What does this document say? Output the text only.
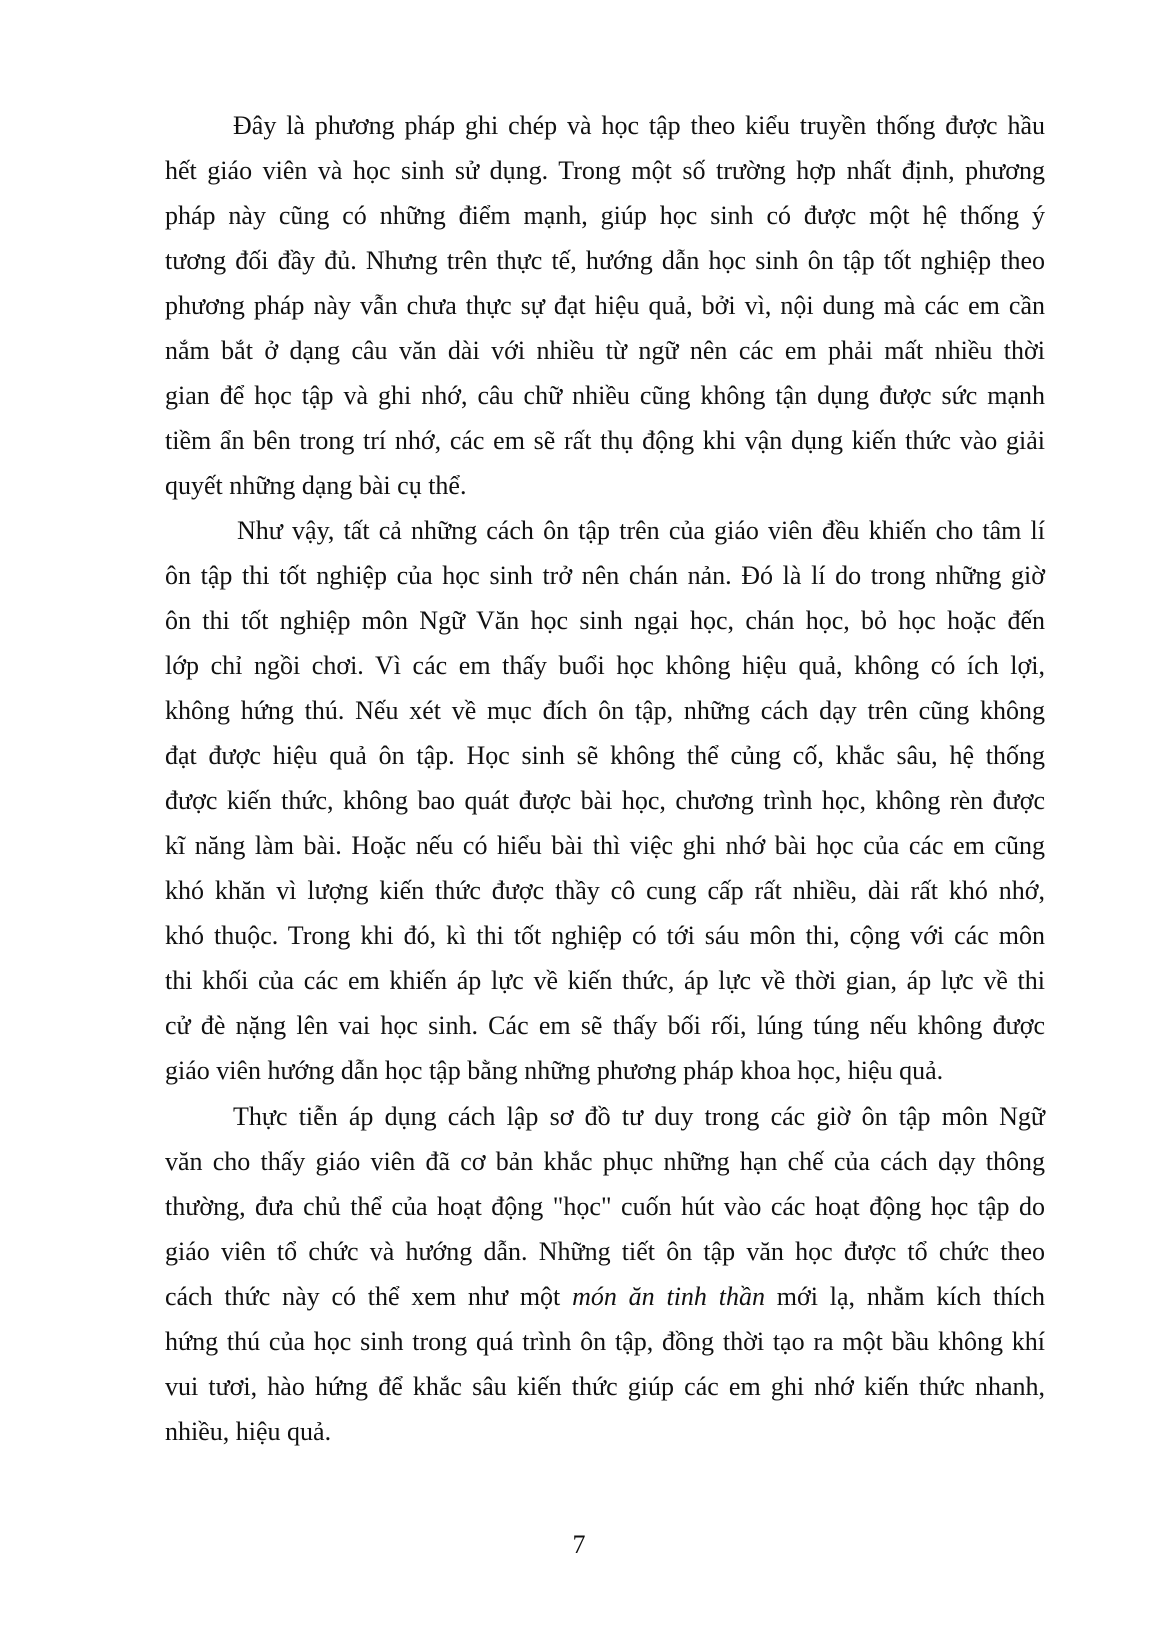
Đây là phương pháp ghi chép và học tập theo kiểu truyền thống được hầu
hết giáo viên và học sinh sử dụng. Trong một số trường hợp nhất định, phương
pháp này cũng có những điểm mạnh, giúp học sinh có được một hệ thống ý
tương đối đầy đủ. Nhưng trên thực tế, hướng dẫn học sinh ôn tập tốt nghiệp theo
phương pháp này vẫn chưa thực sự đạt hiệu quả, bởi vì, nội dung mà các em cần
nắm bắt ở dạng câu văn dài với nhiều từ ngữ nên các em phải mất nhiều thời
gian để học tập và ghi nhớ, câu chữ nhiều cũng không tận dụng được sức mạnh
tiềm ẩn bên trong trí nhớ, các em sẽ rất thụ động khi vận dụng kiến thức vào giải
quyết những dạng bài cụ thể.
Như vậy, tất cả những cách ôn tập trên của giáo viên đều khiến cho tâm lí
ôn tập thi tốt nghiệp của học sinh trở nên chán nản. Đó là lí do trong những giờ
ôn thi tốt nghiệp môn Ngữ Văn học sinh ngại học, chán học, bỏ học hoặc đến
lớp chỉ ngồi chơi. Vì các em thấy buổi học không hiệu quả, không có ích lợi,
không hứng thú. Nếu xét về mục đích ôn tập, những cách dạy trên cũng không
đạt được hiệu quả ôn tập. Học sinh sẽ không thể củng cố, khắc sâu, hệ thống
được kiến thức, không bao quát được bài học, chương trình học, không rèn được
kĩ năng làm bài. Hoặc nếu có hiểu bài thì việc ghi nhớ bài học của các em cũng
khó khăn vì lượng kiến thức được thầy cô cung cấp rất nhiều, dài rất khó nhớ,
khó thuộc. Trong khi đó, kì thi tốt nghiệp có tới sáu môn thi, cộng với các môn
thi khối của các em khiến áp lực về kiến thức, áp lực về thời gian, áp lực về thi
cử đè nặng lên vai học sinh. Các em sẽ thấy bối rối, lúng túng nếu không được
giáo viên hướng dẫn học tập bằng những phương pháp khoa học, hiệu quả.
Thực tiễn áp dụng cách lập sơ đồ tư duy trong các giờ ôn tập môn Ngữ
văn cho thấy giáo viên đã cơ bản khắc phục những hạn chế của cách dạy thông
thường, đưa chủ thể của hoạt động "học" cuốn hút vào các hoạt động học tập do
giáo viên tổ chức và hướng dẫn. Những tiết ôn tập văn học được tổ chức theo
cách thức này có thể xem như một món ăn tinh thần mới lạ, nhằm kích thích
hứng thú của học sinh trong quá trình ôn tập, đồng thời tạo ra một bầu không khí
vui tươi, hào hứng để khắc sâu kiến thức giúp các em ghi nhớ kiến thức nhanh,
nhiều, hiệu quả.
7
